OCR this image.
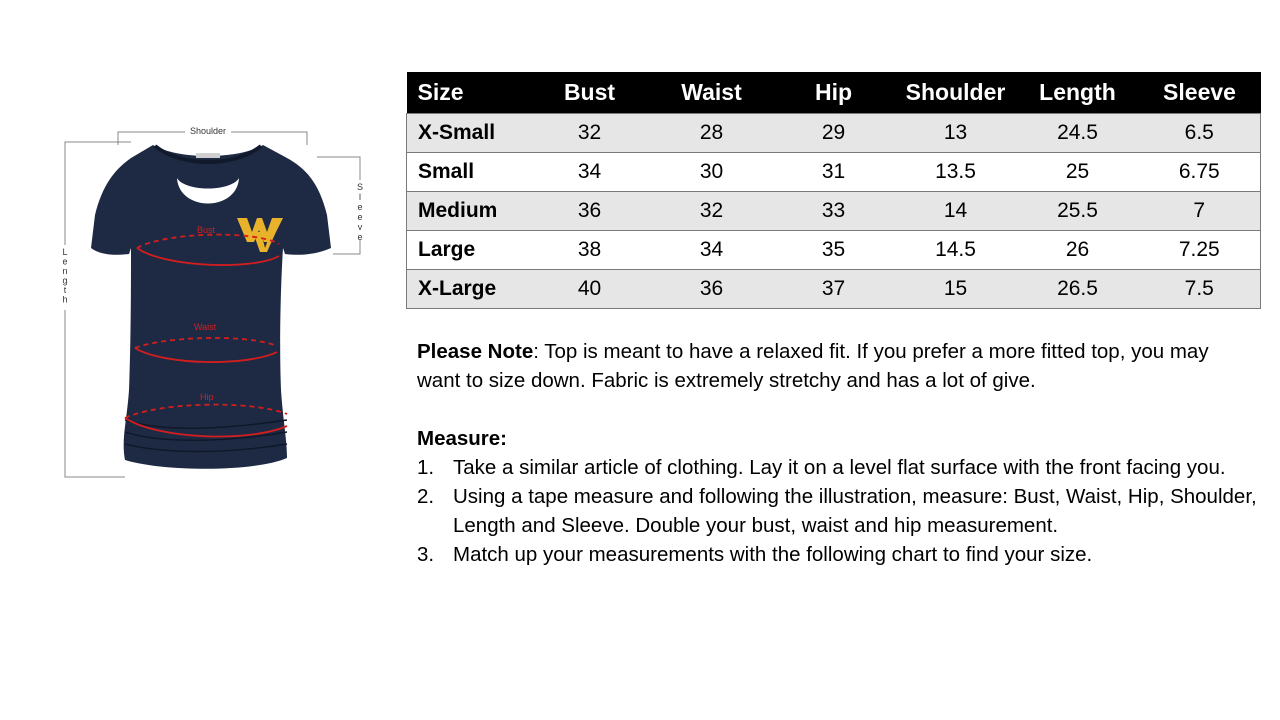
Bust
Waist
Hip
Shoulder
S l e e v e
L e n g t h
Size	Bust	Waist	Hip	Shoulder	Length	Sleeve
X-Small	32	28	29	13	24.5	6.5
Small	34	30	31	13.5	25	6.75
Medium	36	32	33	14	25.5	7
Large	38	34	35	14.5	26	7.25
X-Large	40	36	37	15	26.5	7.5

Please Note: Top is meant to have a relaxed fit. If you prefer a more fitted top, you may want to size down. Fabric is extremely stretchy and has a lot of give.

Measure:

1. Take a similar article of clothing. Lay it on a level flat surface with the front facing you.
2. Using a tape measure and following the illustration, measure: Bust, Waist, Hip, Shoulder, Length and Sleeve. Double your bust, waist and hip measurement.
3. Match up your measurements with the following chart to find your size.
